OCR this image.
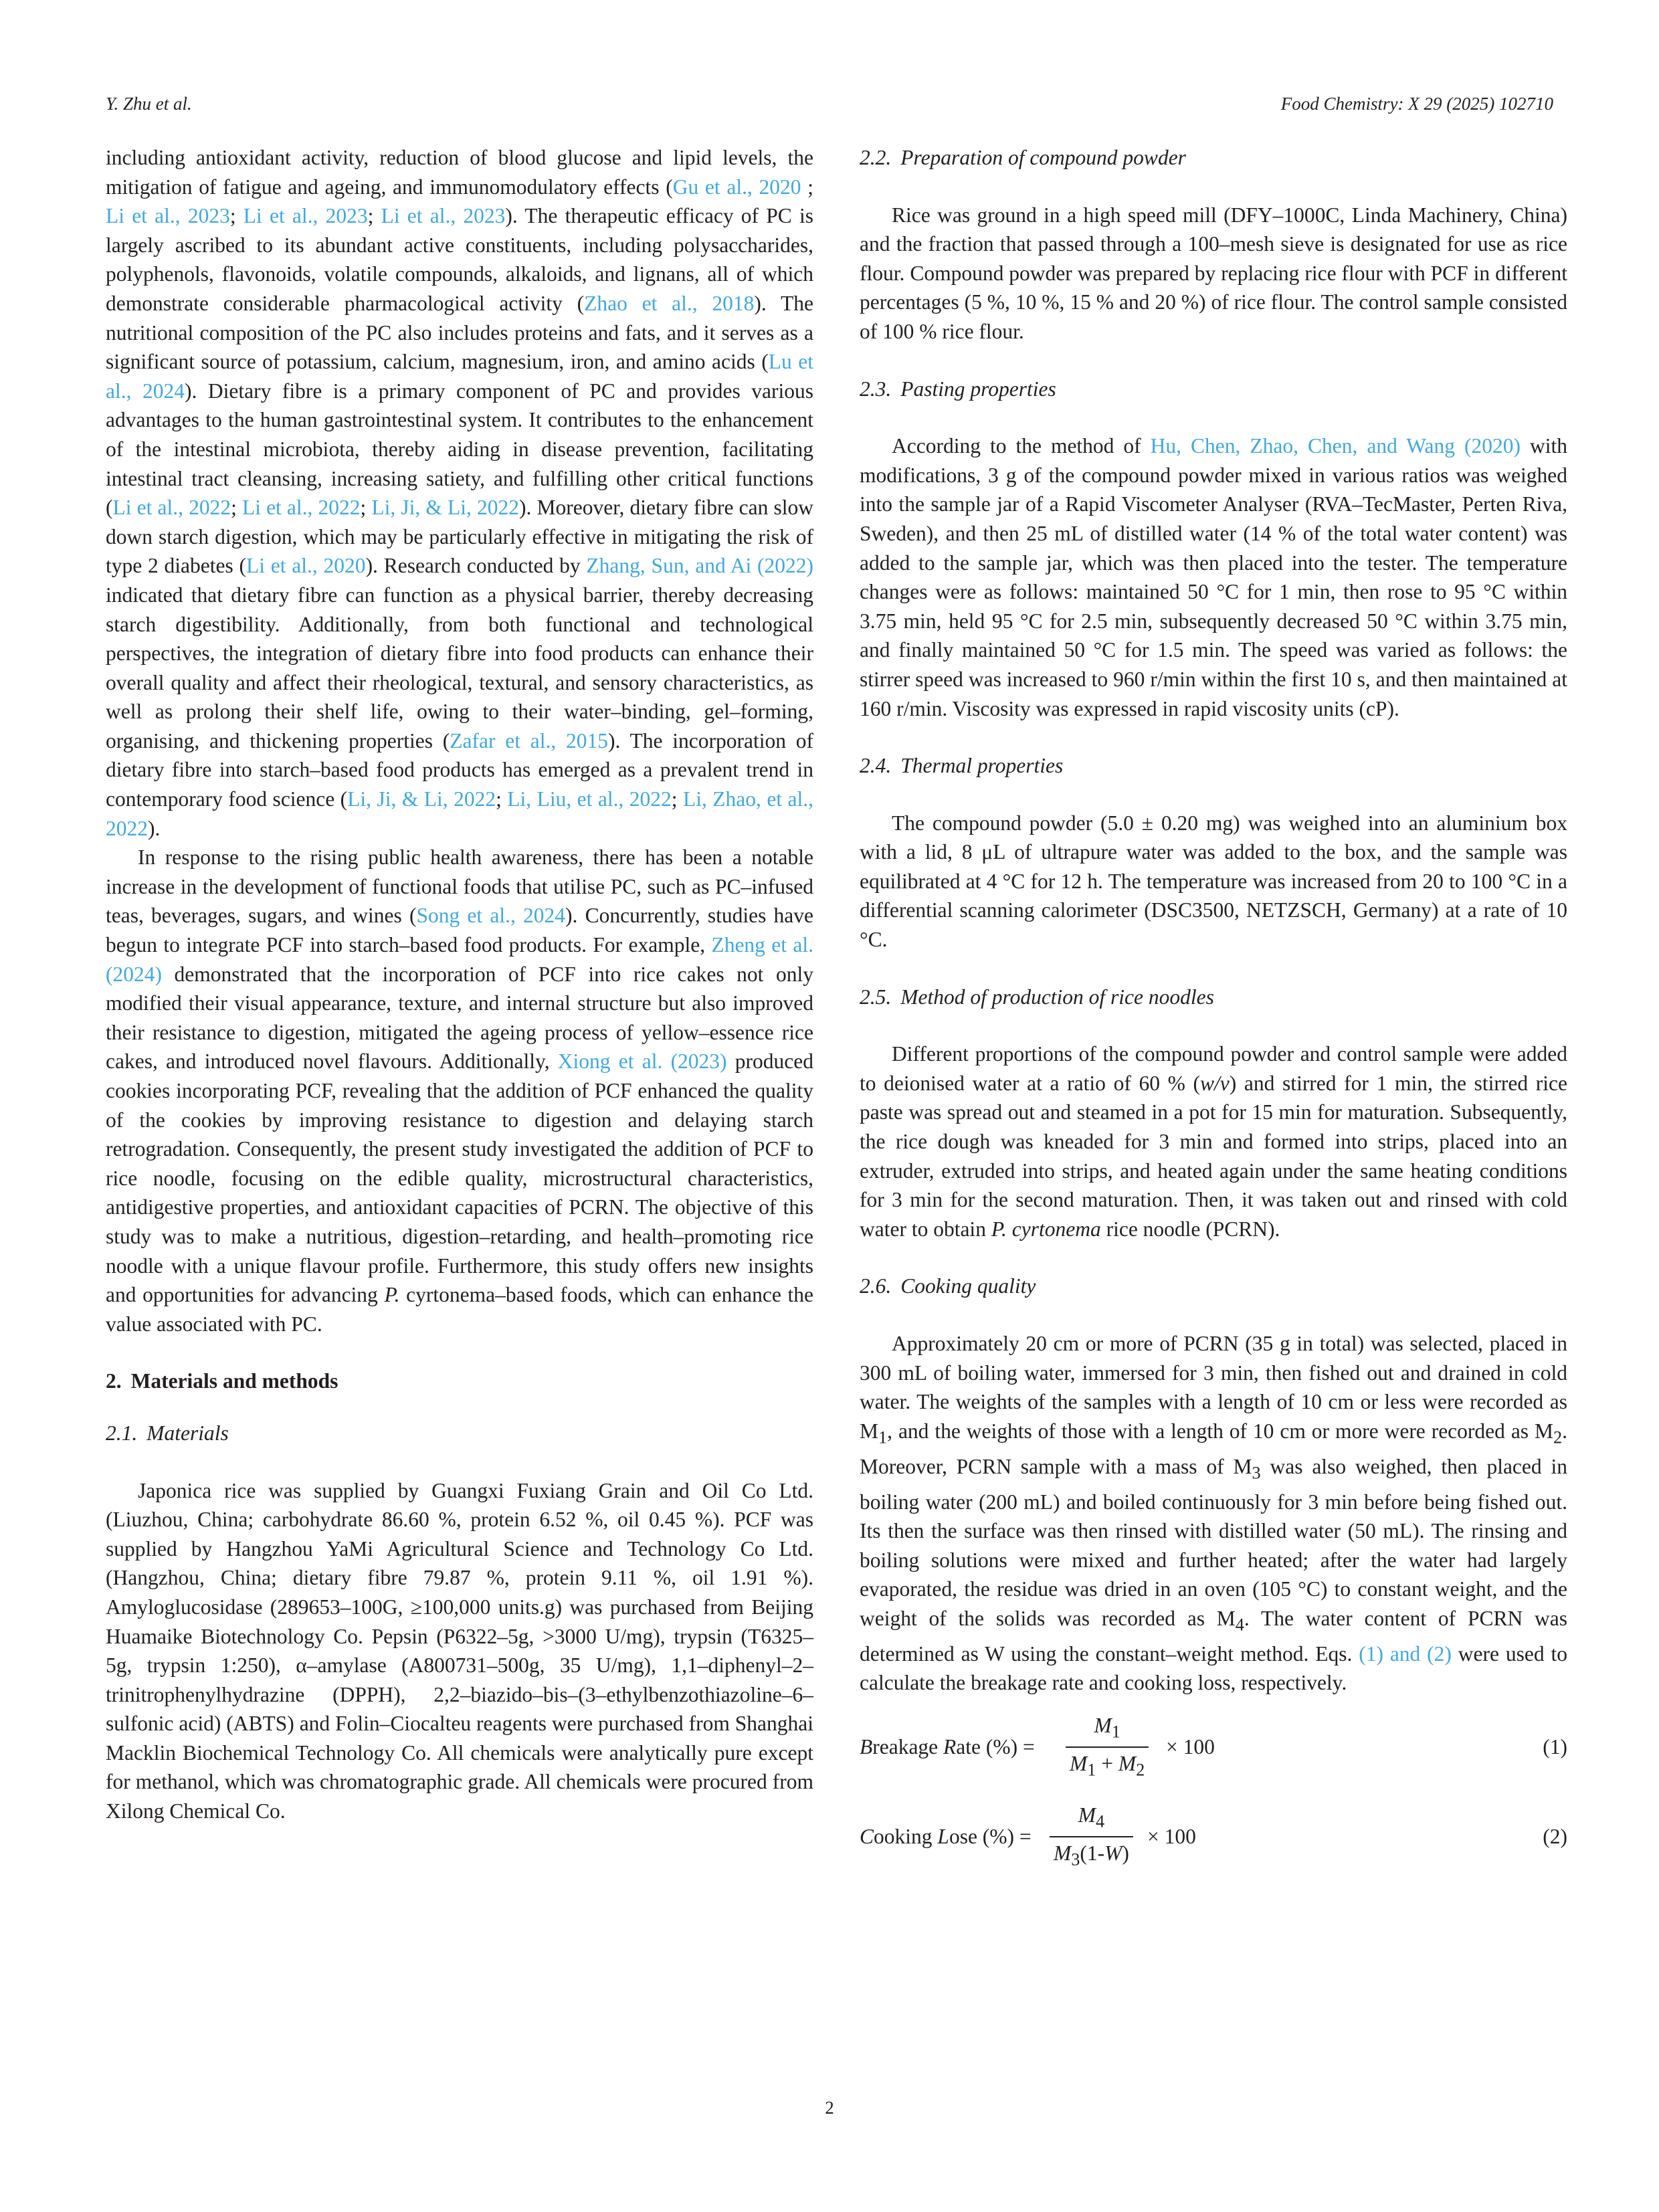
Y. Zhu et al.	Food Chemistry: X 29 (2025) 102710

including antioxidant activity, reduction of blood glucose and lipid levels, the mitigation of fatigue and ageing, and immunomodulatory effects (Gu et al., 2020 ; Li et al., 2023; Li et al., 2023; Li et al., 2023). The therapeutic efficacy of PC is largely ascribed to its abundant active constituents, including polysaccharides, polyphenols, flavonoids, volatile compounds, alkaloids, and lignans, all of which demonstrate considerable pharmacological activity (Zhao et al., 2018). The nutritional composition of the PC also includes proteins and fats, and it serves as a significant source of potassium, calcium, magnesium, iron, and amino acids (Lu et al., 2024). Dietary fibre is a primary component of PC and provides various advantages to the human gastrointestinal system. It contributes to the enhancement of the intestinal microbiota, thereby aiding in disease prevention, facilitating intestinal tract cleansing, increasing satiety, and fulfilling other critical functions (Li et al., 2022; Li et al., 2022; Li, Ji, & Li, 2022). Moreover, dietary fibre can slow down starch digestion, which may be particularly effective in mitigating the risk of type 2 diabetes (Li et al., 2020). Research conducted by Zhang, Sun, and Ai (2022) indicated that dietary fibre can function as a physical barrier, thereby decreasing starch digestibility. Additionally, from both functional and technological perspectives, the integration of dietary fibre into food products can enhance their overall quality and affect their rheological, textural, and sensory characteristics, as well as prolong their shelf life, owing to their water–binding, gel–forming, organising, and thickening properties (Zafar et al., 2015). The incorporation of dietary fibre into starch–based food products has emerged as a prevalent trend in contemporary food science (Li, Ji, & Li, 2022; Li, Liu, et al., 2022; Li, Zhao, et al., 2022).

In response to the rising public health awareness, there has been a notable increase in the development of functional foods that utilise PC, such as PC–infused teas, beverages, sugars, and wines (Song et al., 2024). Concurrently, studies have begun to integrate PCF into starch–based food products. For example, Zheng et al. (2024) demonstrated that the incorporation of PCF into rice cakes not only modified their visual appearance, texture, and internal structure but also improved their resistance to digestion, mitigated the ageing process of yellow–essence rice cakes, and introduced novel flavours. Additionally, Xiong et al. (2023) produced cookies incorporating PCF, revealing that the addition of PCF enhanced the quality of the cookies by improving resistance to digestion and delaying starch retrogradation. Consequently, the present study investigated the addition of PCF to rice noodle, focusing on the edible quality, microstructural characteristics, antidigestive properties, and antioxidant capacities of PCRN. The objective of this study was to make a nutritious, digestion–retarding, and health–promoting rice noodle with a unique flavour profile. Furthermore, this study offers new insights and opportunities for advancing P. cyrtonema–based foods, which can enhance the value associated with PC.

2. Materials and methods
2.1. Materials

Japonica rice was supplied by Guangxi Fuxiang Grain and Oil Co Ltd. (Liuzhou, China; carbohydrate 86.60 %, protein 6.52 %, oil 0.45 %). PCF was supplied by Hangzhou YaMi Agricultural Science and Technology Co Ltd. (Hangzhou, China; dietary fibre 79.87 %, protein 9.11 %, oil 1.91 %). Amyloglucosidase (289653–100G, ≥100,000 units.g) was purchased from Beijing Huamaike Biotechnology Co. Pepsin (P6322–5g, >3000 U/mg), trypsin (T6325–5g, trypsin 1:250), α–amylase (A800731–500g, 35 U/mg), 1,1–diphenyl–2–trinitrophenylhydrazine (DPPH), 2,2–biazido–bis–(3–ethylbenzothiazoline–6–sulfonic acid) (ABTS) and Folin–Ciocalteu reagents were purchased from Shanghai Macklin Biochemical Technology Co. All chemicals were analytically pure except for methanol, which was chromatographic grade. All chemicals were procured from Xilong Chemical Co.

2.2. Preparation of compound powder

Rice was ground in a high speed mill (DFY–1000C, Linda Machinery, China) and the fraction that passed through a 100–mesh sieve is designated for use as rice flour. Compound powder was prepared by replacing rice flour with PCF in different percentages (5 %, 10 %, 15 % and 20 %) of rice flour. The control sample consisted of 100 % rice flour.

2.3. Pasting properties

According to the method of Hu, Chen, Zhao, Chen, and Wang (2020) with modifications, 3 g of the compound powder mixed in various ratios was weighed into the sample jar of a Rapid Viscometer Analyser (RVA–TecMaster, Perten Riva, Sweden), and then 25 mL of distilled water (14 % of the total water content) was added to the sample jar, which was then placed into the tester. The temperature changes were as follows: maintained 50 °C for 1 min, then rose to 95 °C within 3.75 min, held 95 °C for 2.5 min, subsequently decreased 50 °C within 3.75 min, and finally maintained 50 °C for 1.5 min. The speed was varied as follows: the stirrer speed was increased to 960 r/min within the first 10 s, and then maintained at 160 r/min. Viscosity was expressed in rapid viscosity units (cP).

2.4. Thermal properties

The compound powder (5.0 ± 0.20 mg) was weighed into an aluminium box with a lid, 8 μL of ultrapure water was added to the box, and the sample was equilibrated at 4 °C for 12 h. The temperature was increased from 20 to 100 °C in a differential scanning calorimeter (DSC3500, NETZSCH, Germany) at a rate of 10 °C.

2.5. Method of production of rice noodles

Different proportions of the compound powder and control sample were added to deionised water at a ratio of 60 % (w/v) and stirred for 1 min, the stirred rice paste was spread out and steamed in a pot for 15 min for maturation. Subsequently, the rice dough was kneaded for 3 min and formed into strips, placed into an extruder, extruded into strips, and heated again under the same heating conditions for 3 min for the second maturation. Then, it was taken out and rinsed with cold water to obtain P. cyrtonema rice noodle (PCRN).

2.6. Cooking quality

Approximately 20 cm or more of PCRN (35 g in total) was selected, placed in 300 mL of boiling water, immersed for 3 min, then fished out and drained in cold water. The weights of the samples with a length of 10 cm or less were recorded as $M_1$, and the weights of those with a length of 10 cm or more were recorded as $M_2$. Moreover, PCRN sample with a mass of $M_3$ was also weighed, then placed in boiling water (200 mL) and boiled continuously for 3 min before being fished out. Its then the surface was then rinsed with distilled water (50 mL). The rinsing and boiling solutions were mixed and further heated; after the water had largely evaporated, the residue was dried in an oven (105 °C) to constant weight, and the weight of the solids was recorded as $M_4$. The water content of PCRN was determined as W using the constant–weight method. Eqs. (1) and (2) were used to calculate the breakage rate and cooking loss, respectively.

Breakage Rate (%) = $\frac{M_1}{M_1 + M_2} \times 100$	(1)
Cooking Lose (%) = $\frac{M_4}{M_3(1-W)} \times 100$	(2)
2
